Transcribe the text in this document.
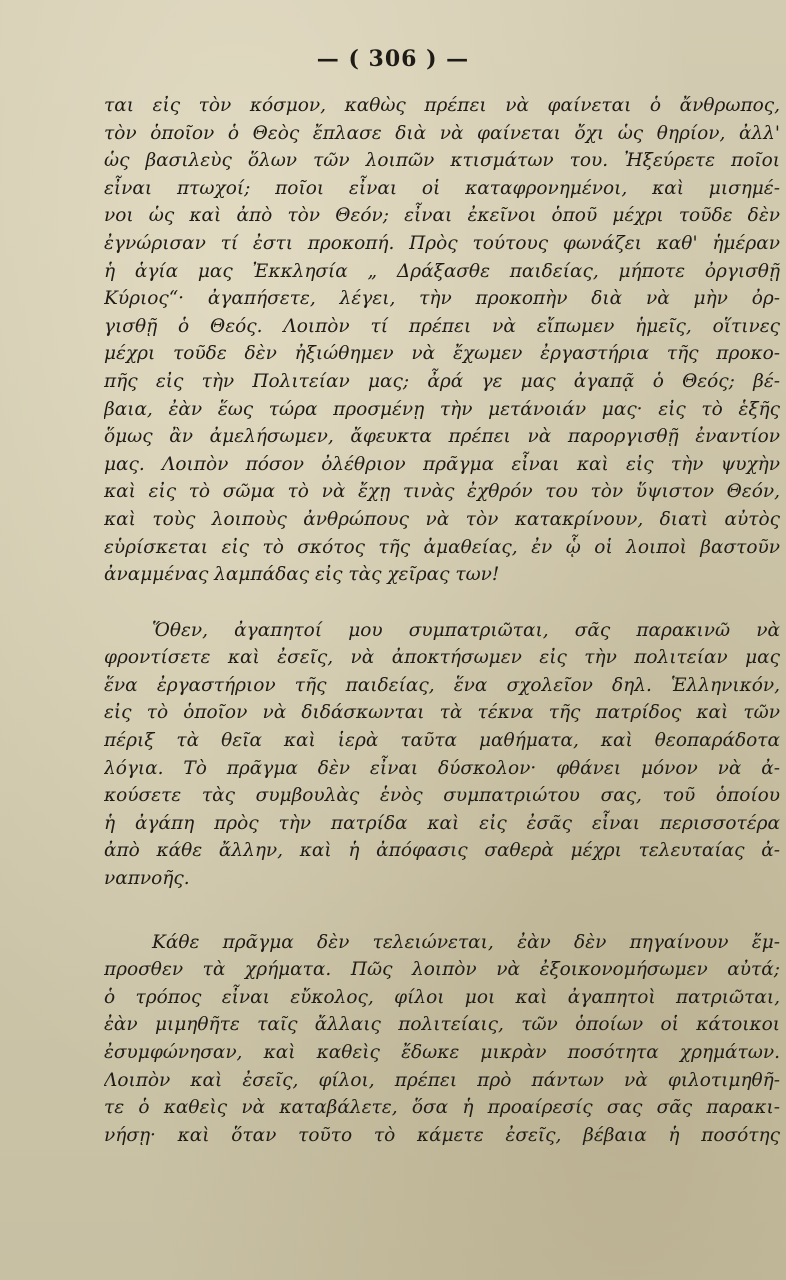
— ( 306 ) —
ται εἰς τὸν κόσμον, καθὼς πρέπει νὰ φαίνεται ὁ ἄνθρωπος,
τὸν ὁποῖον ὁ Θεὸς ἔπλασε διὰ νὰ φαίνεται ὄχι ὡς θηρίον, ἀλλ'
ὡς βασιλεὺς ὅλων τῶν λοιπῶν κτισμάτων του. Ἠξεύρετε ποῖοι
εἶναι πτωχοί; ποῖοι εἶναι οἱ καταφρονημένοι, καὶ μισημέ-
νοι ὡς καὶ ἀπὸ τὸν Θεόν; εἶναι ἐκεῖνοι ὁποῦ μέχρι τοῦδε δὲν
ἐγνώρισαν τί ἐστι προκοπή. Πρὸς τούτους φωνάζει καθ' ἡμέραν
ἡ ἁγία μας Ἐκκλησία „ Δράξασθε παιδείας, μήποτε ὀργισθῇ
Κύριος“· ἀγαπήσετε, λέγει, τὴν προκοπὴν διὰ νὰ μὴν ὀρ-
γισθῇ ὁ Θεός. Λοιπὸν τί πρέπει νὰ εἴπωμεν ἡμεῖς, οἵτινες
μέχρι τοῦδε δὲν ἠξιώθημεν νὰ ἔχωμεν ἐργαστήρια τῆς προκο-
πῆς εἰς τὴν Πολιτείαν μας; ἆρά γε μας ἀγαπᾷ ὁ Θεός; βέ-
βαια, ἐὰν ἕως τώρα προσμένῃ τὴν μετάνοιάν μας· εἰς τὸ ἑξῆς
ὅμως ἂν ἀμελήσωμεν, ἄφευκτα πρέπει νὰ παροργισθῇ ἐναντίον
μας. Λοιπὸν πόσον ὀλέθριον πρᾶγμα εἶναι καὶ εἰς τὴν ψυχὴν
καὶ εἰς τὸ σῶμα τὸ νὰ ἔχῃ τινὰς ἐχθρόν του τὸν ὕψιστον Θεόν,
καὶ τοὺς λοιποὺς ἀνθρώπους νὰ τὸν κατακρίνουν, διατὶ αὐτὸς
εὑρίσκεται εἰς τὸ σκότος τῆς ἀμαθείας, ἐν ᾧ οἱ λοιποὶ βαστοῦν
ἀναμμένας λαμπάδας εἰς τὰς χεῖρας των!
Ὅθεν, ἀγαπητοί μου συμπατριῶται, σᾶς παρακινῶ νὰ
φροντίσετε καὶ ἐσεῖς, νὰ ἀποκτήσωμεν εἰς τὴν πολιτείαν μας
ἕνα ἐργαστήριον τῆς παιδείας, ἕνα σχολεῖον δηλ. Ἑλληνικόν,
εἰς τὸ ὁποῖον νὰ διδάσκωνται τὰ τέκνα τῆς πατρίδος καὶ τῶν
πέριξ τὰ θεῖα καὶ ἱερὰ ταῦτα μαθήματα, καὶ θεοπαράδοτα
λόγια. Τὸ πρᾶγμα δὲν εἶναι δύσκολον· φθάνει μόνον νὰ ἀ-
κούσετε τὰς συμβουλὰς ἑνὸς συμπατριώτου σας, τοῦ ὁποίου
ἡ ἀγάπη πρὸς τὴν πατρίδα καὶ εἰς ἐσᾶς εἶναι περισσοτέρα
ἀπὸ κάθε ἄλλην, καὶ ἡ ἀπόφασις σαθερὰ μέχρι τελευταίας ἀ-
ναπνοῆς.
Κάθε πρᾶγμα δὲν τελειώνεται, ἐὰν δὲν πηγαίνουν ἔμ-
προσθεν τὰ χρήματα. Πῶς λοιπὸν νὰ ἐξοικονομήσωμεν αὐτά;
ὁ τρόπος εἶναι εὔκολος, φίλοι μοι καὶ ἀγαπητοὶ πατριῶται,
ἐὰν μιμηθῆτε ταῖς ἄλλαις πολιτείαις, τῶν ὁποίων οἱ κάτοικοι
ἐσυμφώνησαν, καὶ καθεὶς ἔδωκε μικρὰν ποσότητα χρημάτων.
Λοιπὸν καὶ ἐσεῖς, φίλοι, πρέπει πρὸ πάντων νὰ φιλοτιμηθῆ-
τε ὁ καθεὶς νὰ καταβάλετε, ὅσα ἡ προαίρεσίς σας σᾶς παρακι-
νήσῃ· καὶ ὅταν τοῦτο τὸ κάμετε ἐσεῖς, βέβαια ἡ ποσότης
